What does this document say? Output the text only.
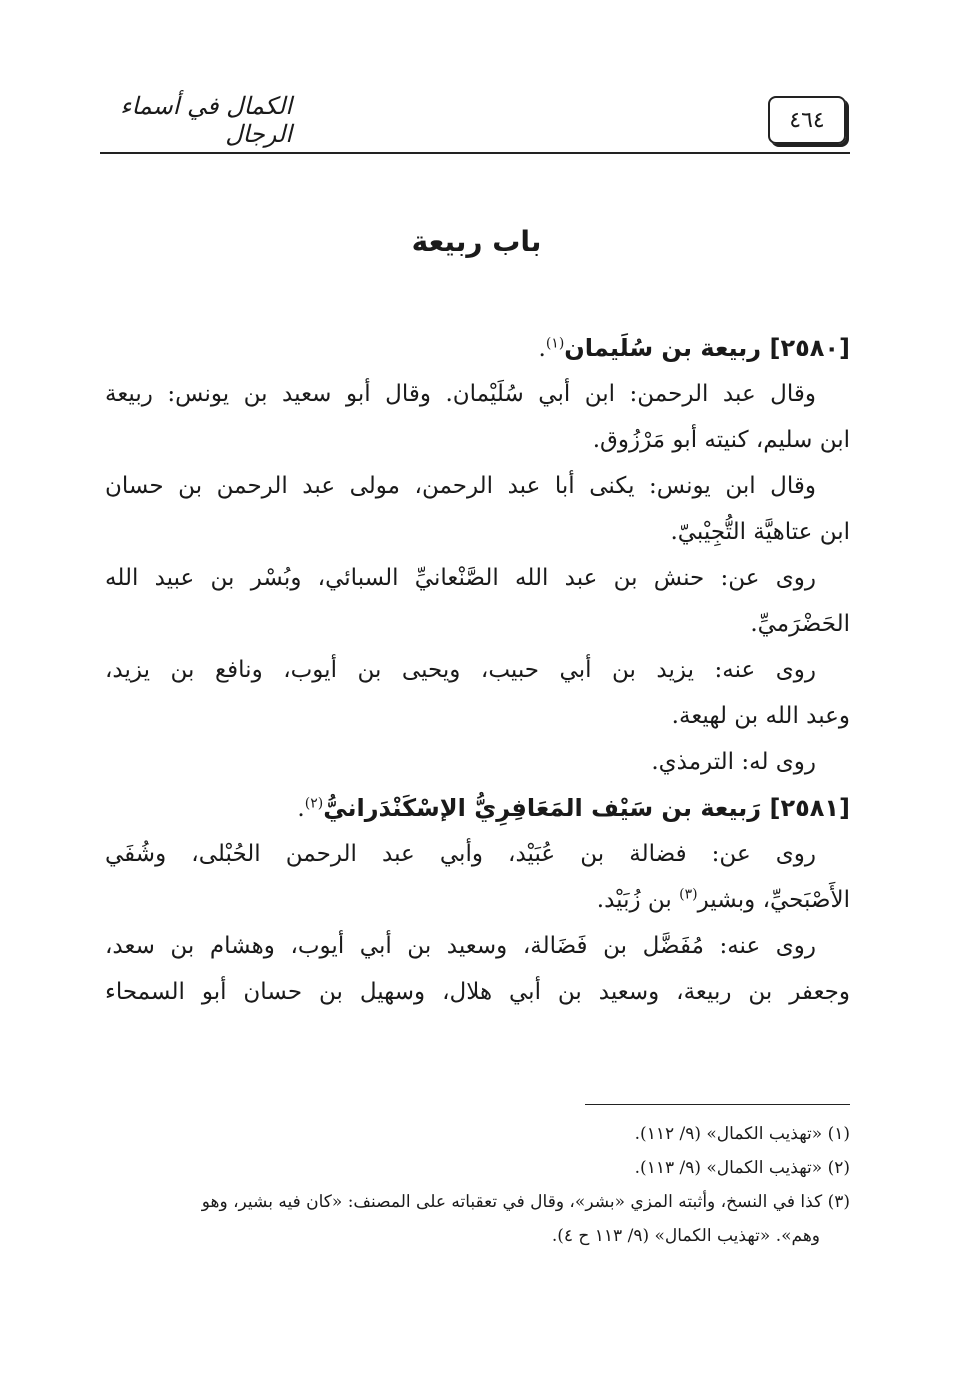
٤٦٤
الكمال في أسماء الرجال
باب ربيعة
[٢٥٨٠] ربيعة بن سُلَيمان$^{(١)}$.
وقال عبد الرحمن: ابن أبي سُلَيْمان. وقال أبو سعيد بن يونس: ربيعة
ابن سليم، كنيته أبو مَرْزُوق.
وقال ابن يونس: يكنى أبا عبد الرحمن، مولى عبد الرحمن بن حسان
ابن عتاهيَّة التُّجِيْبيّ.
روى عن: حنش بن عبد الله الصَّنْعانيِّ السبائي، وبُسْر بن عبيد الله
الحَضْرَميِّ.
روى عنه: يزيد بن أبي حبيب، ويحيى بن أيوب، ونافع بن يزيد،
وعبد الله بن لهيعة.
روى له: الترمذي.
[٢٥٨١] رَبيعة بن سَيْف المَعَافِرِيُّ الإسْكَنْدَرانيُّ$^{(٢)}$.
روى عن: فضالة بن عُبَيْد، وأبي عبد الرحمن الحُبْلى، وشُفَي
الأَصْبَحيِّ، وبشير$^{(٣)}$ بن زُبَيْد.
روى عنه: مُفَضَّل بن فَضَالة، وسعيد بن أبي أيوب، وهشام بن سعد،
وجعفر بن ربيعة، وسعيد بن أبي هلال، وسهيل بن حسان أبو السمحاء
(١) «تهذيب الكمال» (٩/ ١١٢).
(٢) «تهذيب الكمال» (٩/ ١١٣).
(٣) كذا في النسخ، وأثبته المزي «بشر»، وقال في تعقباته على المصنف: «كان فيه بشير، وهو
وهم». «تهذيب الكمال» (٩/ ١١٣ ح ٤).
